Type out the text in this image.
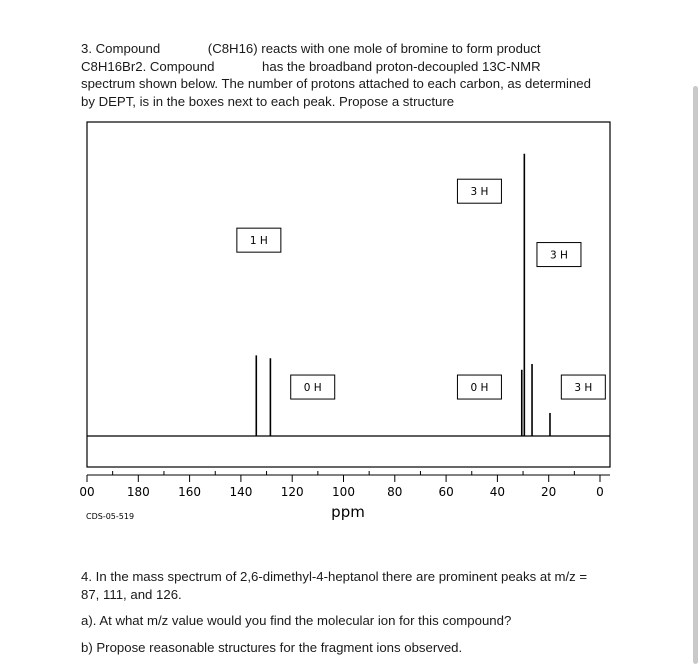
3. Compound             (C8H16) reacts with one mole of bromine to form product
C8H16Br2. Compound             has the broadband proton-decoupled 13C-NMR
spectrum shown below. The number of protons attached to each carbon, as determined
by DEPT, is in the boxes next to each peak. Propose a structure
00	180 160 140 120 100	80	60	40	20	0
1 H
0 H
3 H
0 H
3 H
3 H
ppm
CDS-05-519
4. In the mass spectrum of 2,6-dimethyl-4-heptanol there are prominent peaks at m/z =
87, 111, and 126.
a). At what m/z value would you find the molecular ion for this compound?
b) Propose reasonable structures for the fragment ions observed.
